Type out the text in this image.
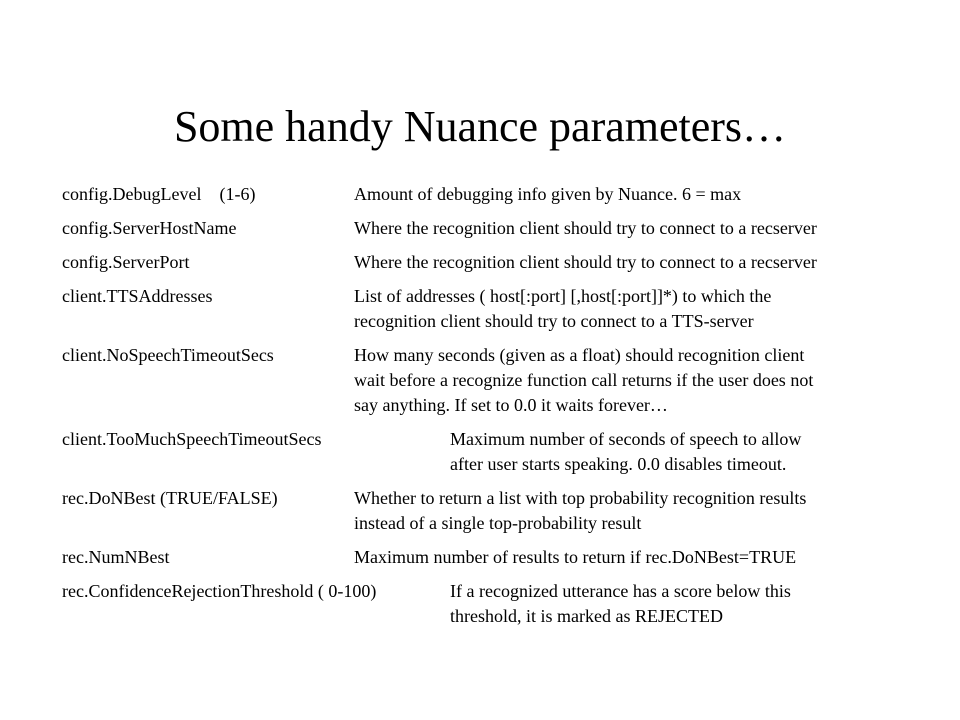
Some handy Nuance parameters…
config.DebugLevel (1-6)	Amount of debugging info given by Nuance. 6 = max
config.ServerHostName	Where the recognition client should try to connect to a recserver
config.ServerPort	Where the recognition client should try to connect to a recserver
client.TTSAddresses	List of addresses ( host[:port] [,host[:port]]*) to which the
recognition client should try to connect to a TTS-server
client.NoSpeechTimeoutSecs	How many seconds (given as a float) should recognition client
wait before a recognize function call returns if the user does not
say anything. If set to 0.0 it waits forever…
client.TooMuchSpeechTimeoutSecs	Maximum number of seconds of speech to allow
after user starts speaking. 0.0 disables timeout.
rec.DoNBest (TRUE/FALSE)	Whether to return a list with top probability recognition results
instead of a single top-probability result
rec.NumNBest	Maximum number of results to return if rec.DoNBest=TRUE
rec.ConfidenceRejectionThreshold ( 0-100)	If a recognized utterance has a score below this
threshold, it is marked as REJECTED
